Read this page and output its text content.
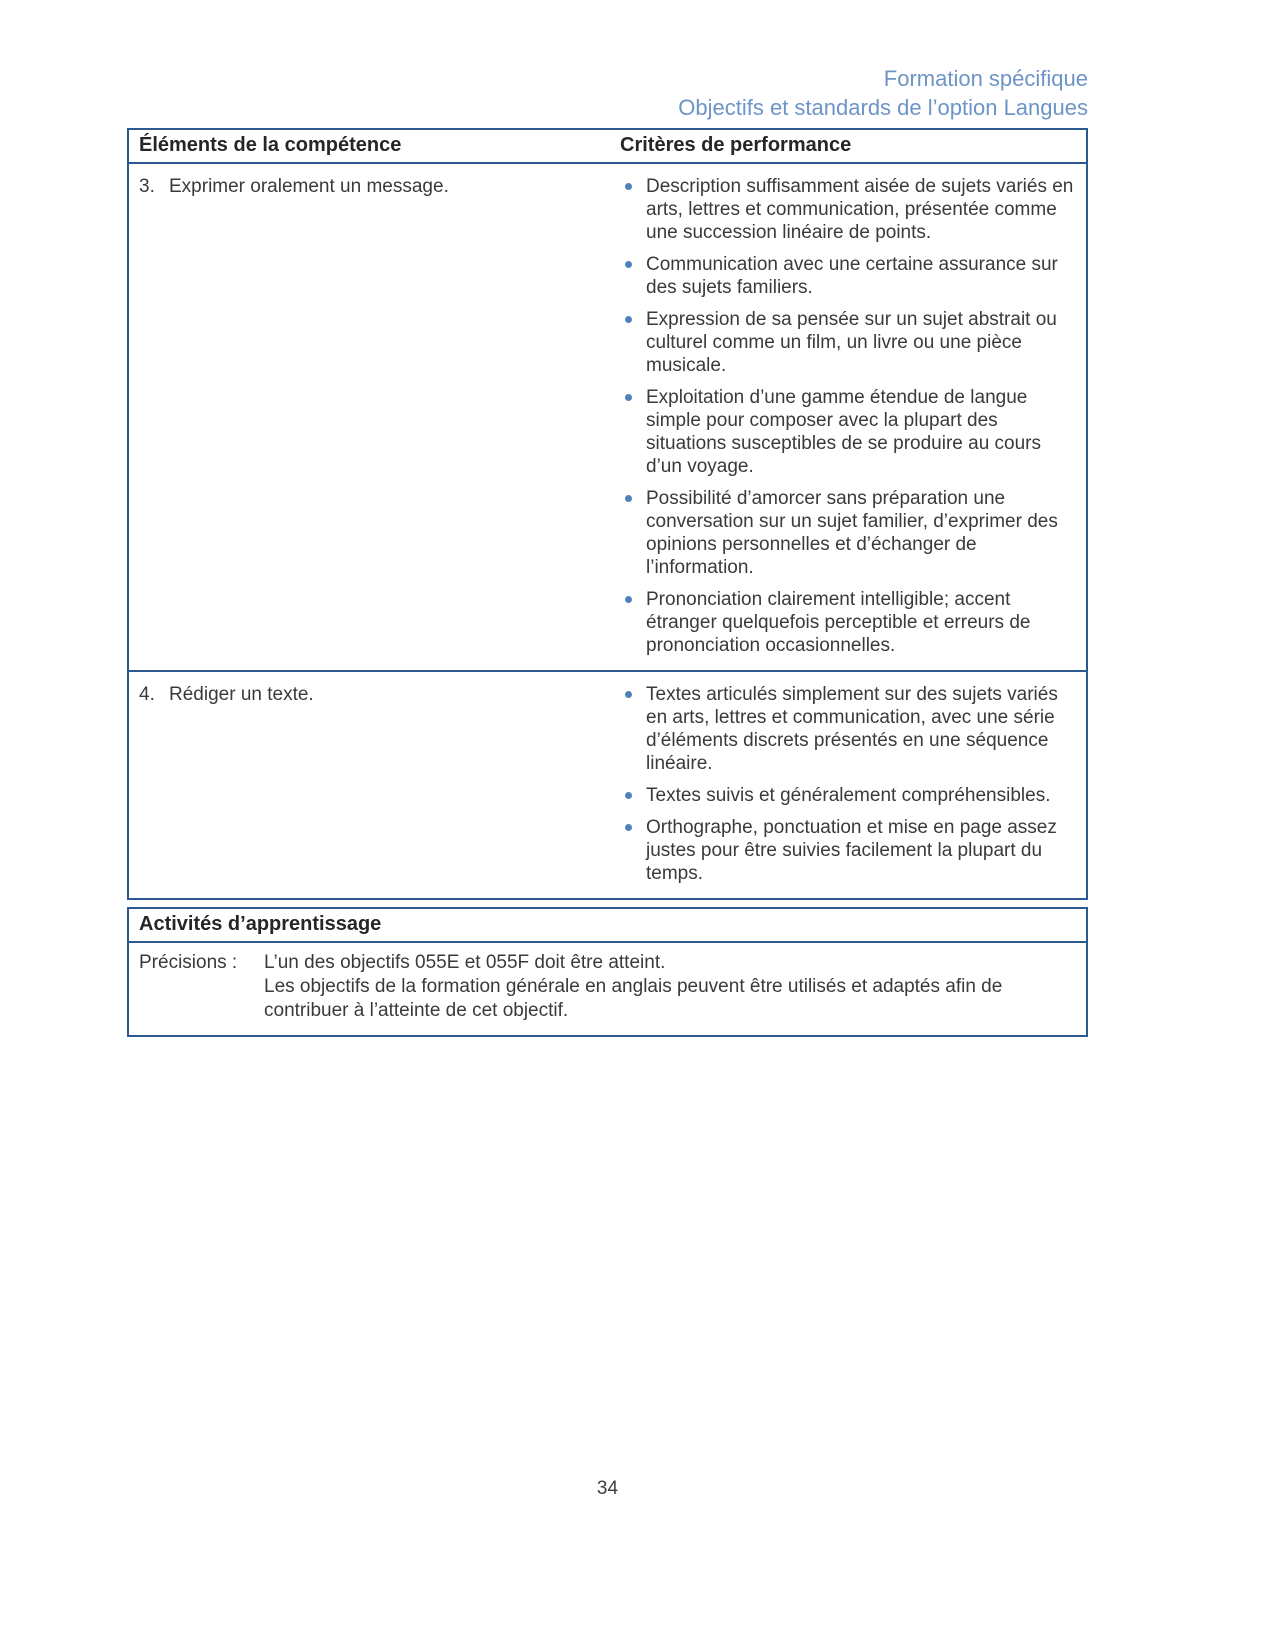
Formation spécifique
Objectifs et standards de l’option Langues
Éléments de la compétence	Critères de performance
3. Exprimer oralement un message.	Description suffisamment aisée de sujets variés en arts, lettres et communication, présentée comme une succession linéaire de points.
Communication avec une certaine assurance sur des sujets familiers.
Expression de sa pensée sur un sujet abstrait ou culturel comme un film, un livre ou une pièce musicale.
Exploitation d’une gamme étendue de langue simple pour composer avec la plupart des situations susceptibles de se produire au cours d’un voyage.
Possibilité d’amorcer sans préparation une conversation sur un sujet familier, d’exprimer des opinions personnelles et d’échanger de l’information.
Prononciation clairement intelligible; accent étranger quelquefois perceptible et erreurs de prononciation occasionnelles.
4. Rédiger un texte.	Textes articulés simplement sur des sujets variés en arts, lettres et communication, avec une série d’éléments discrets présentés en une séquence linéaire.
Textes suivis et généralement compréhensibles.
Orthographe, ponctuation et mise en page assez justes pour être suivies facilement la plupart du temps.
Activités d’apprentissage
Précisions :	L’un des objectifs 055E et 055F doit être atteint.

Les objectifs de la formation générale en anglais peuvent être utilisés et adaptés afin de contribuer à l’atteinte de cet objectif.

34
